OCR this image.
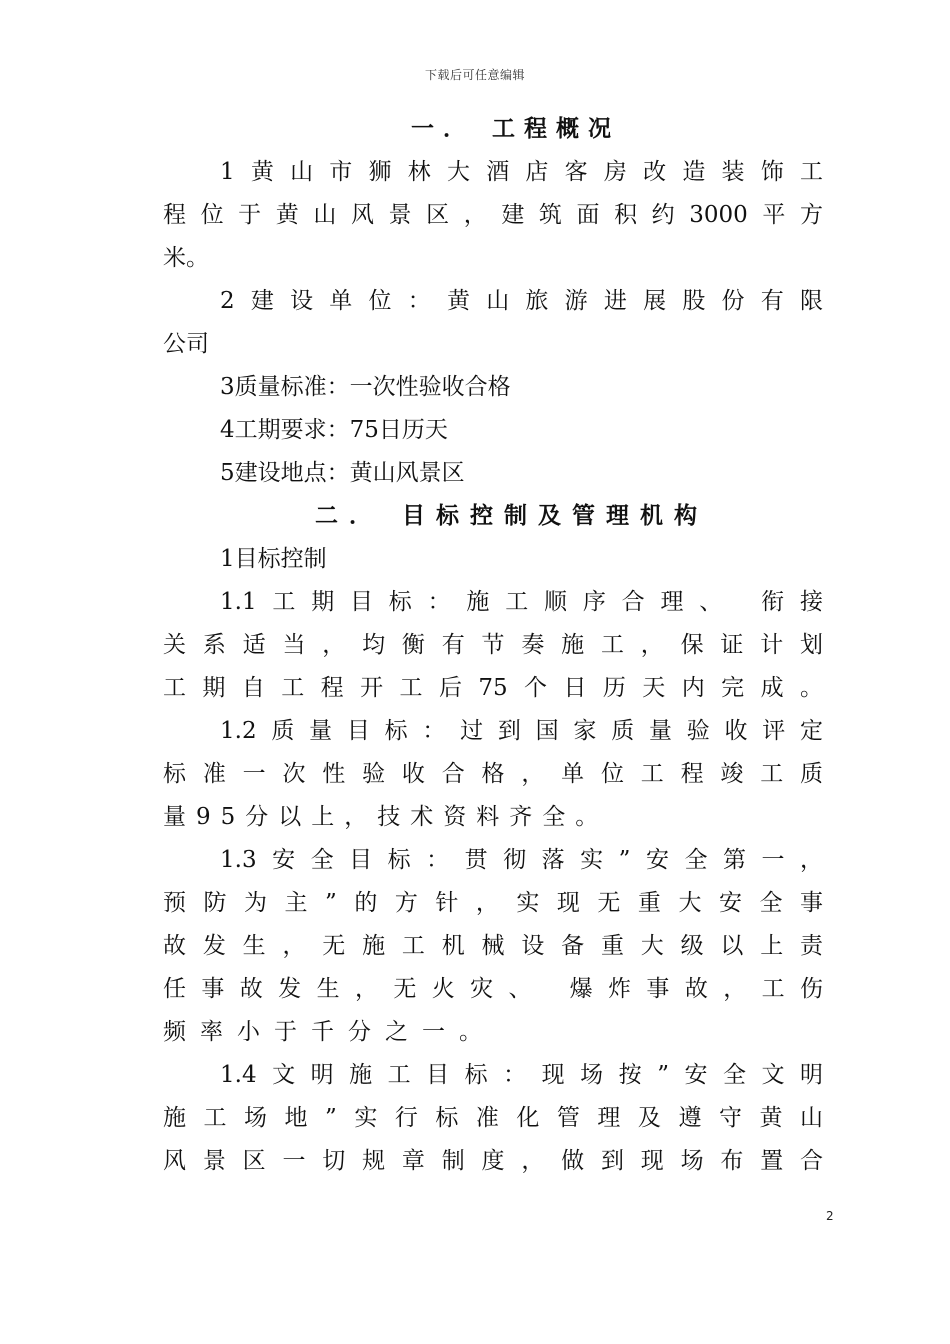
下载后可任意编辑
一． 工程概况
1黄山市狮林大酒店客房改造装饰工
程位于黄山风景区，建筑面积约3000平方
米。
2建设单位：黄山旅游进展股份有限
公司
3质量标准：一次性验收合格
4工期要求：75日历天
5建设地点：黄山风景区
二． 目标控制及管理机构
1目标控制
1.1工期目标：施工顺序合理、 衔接
关系适当，均衡有节奏施工，保证计划
工期自工程开工后75个日历天内完成。
1.2质量目标：过到国家质量验收评定
标准一次性验收合格，单位工程竣工质
量95分以上，技术资料齐全。
1.3安全目标：贯彻落实”安全第一，
预防为主”的方针，实现无重大安全事
故发生，无施工机械设备重大级以上责
任事故发生，无火灾、 爆炸事故，工伤
频率小于千分之一。
1.4文明施工目标：现场按”安全文明
施工场地”实行标准化管理及遵守黄山
风景区一切规章制度，做到现场布置合
2
